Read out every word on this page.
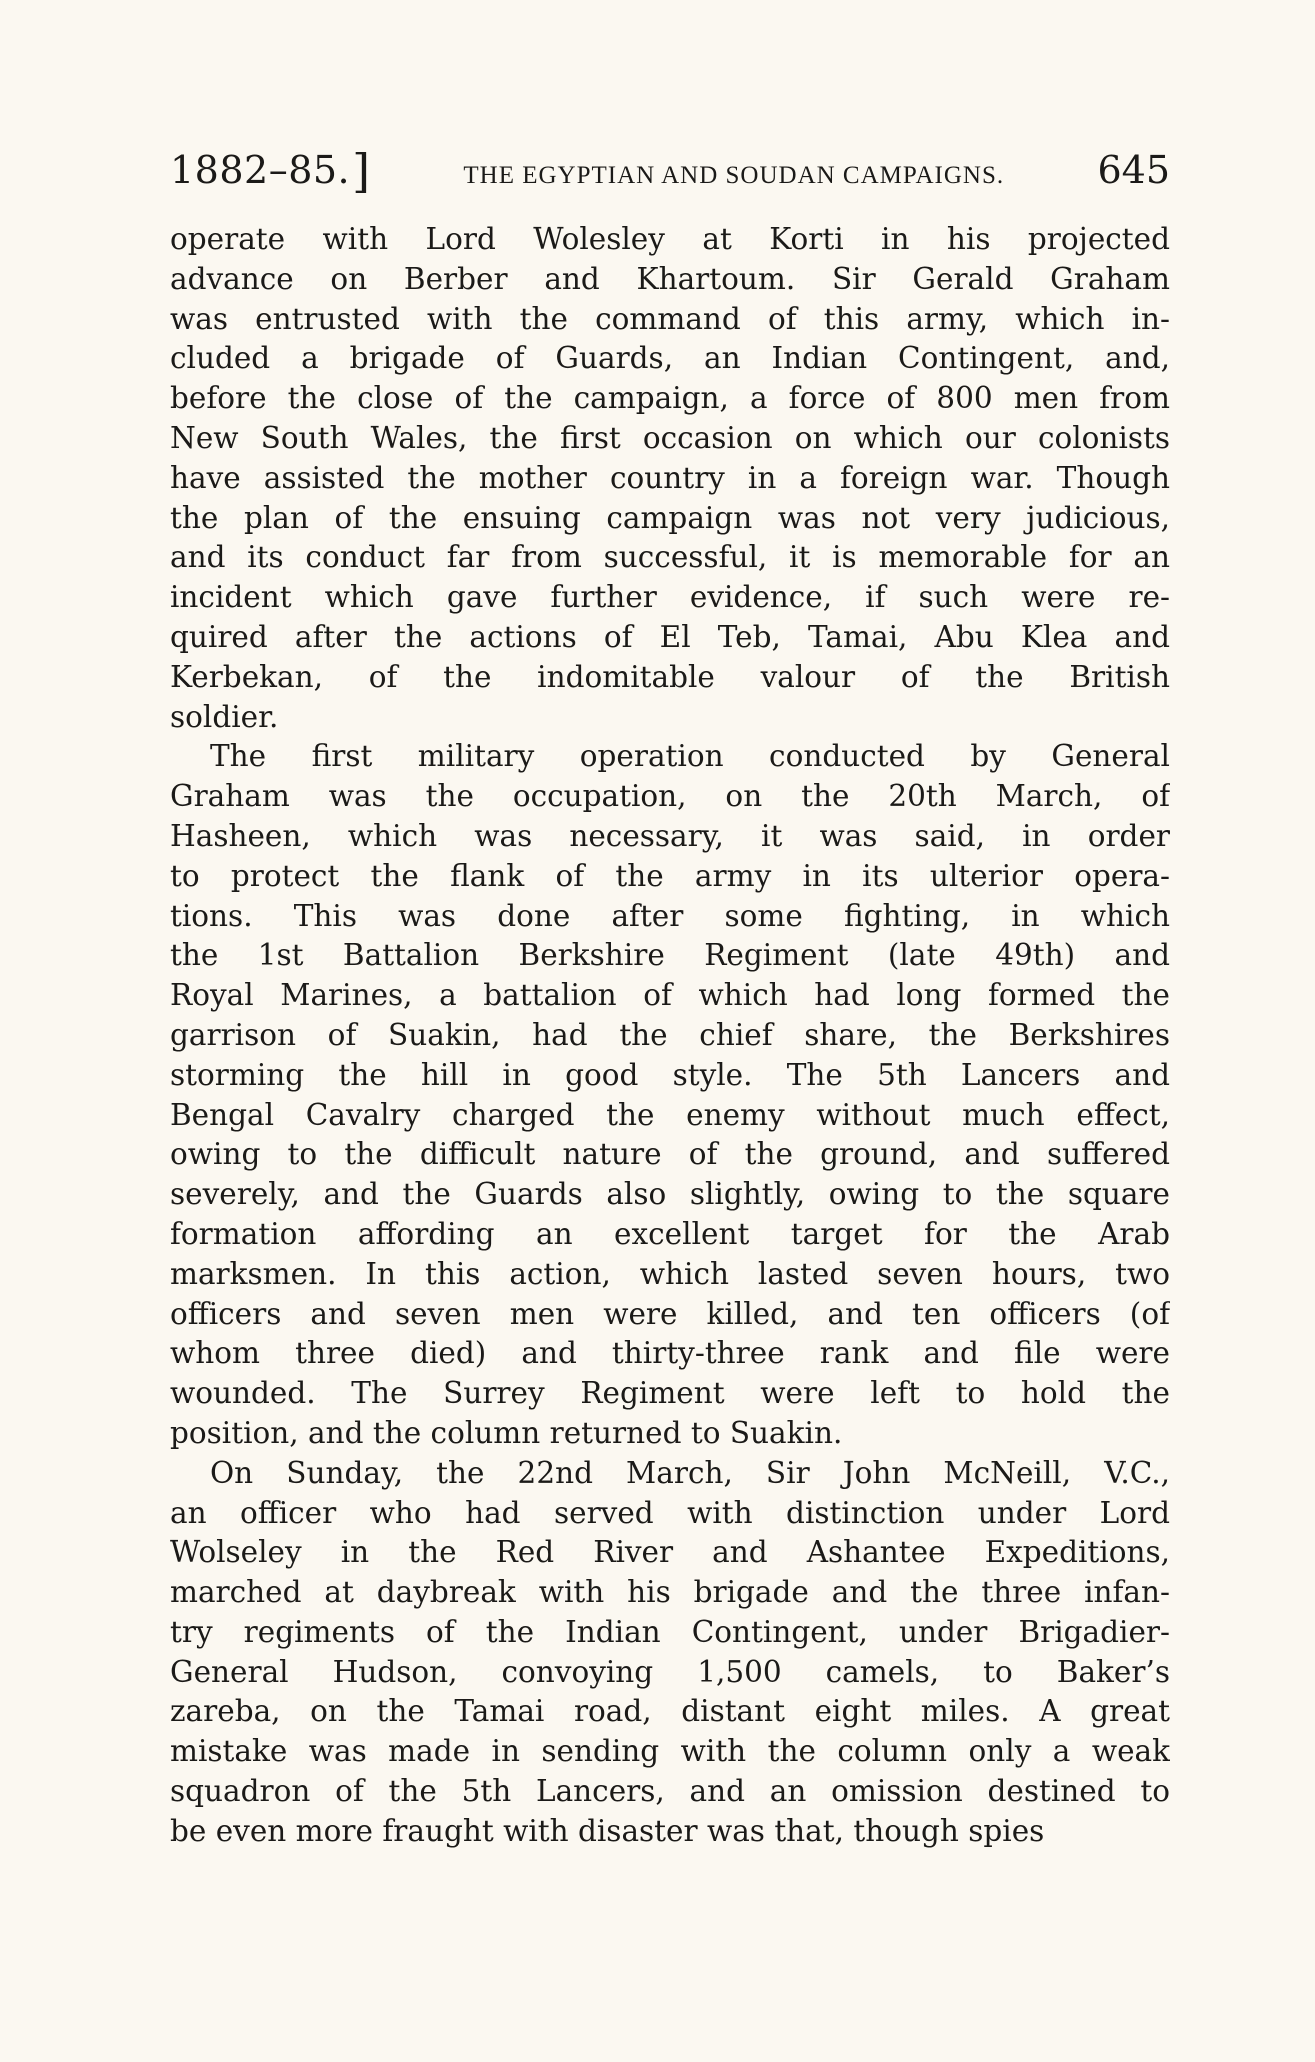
1882–85.]	THE EGYPTIAN AND SOUDAN CAMPAIGNS.	645
operate with Lord Wolesley at Korti in his projected
advance on Berber and Khartoum. Sir Gerald Graham
was entrusted with the command of this army, which in-
cluded a brigade of Guards, an Indian Contingent, and,
before the close of the campaign, a force of 800 men from
New South Wales, the first occasion on which our colonists
have assisted the mother country in a foreign war. Though
the plan of the ensuing campaign was not very judicious,
and its conduct far from successful, it is memorable for an
incident which gave further evidence, if such were re-
quired after the actions of El Teb, Tamai, Abu Klea and
Kerbekan, of the indomitable valour of the British
soldier.
The first military operation conducted by General
Graham was the occupation, on the 20th March, of
Hasheen, which was necessary, it was said, in order
to protect the flank of the army in its ulterior opera-
tions. This was done after some fighting, in which
the 1st Battalion Berkshire Regiment (late 49th) and
Royal Marines, a battalion of which had long formed the
garrison of Suakin, had the chief share, the Berkshires
storming the hill in good style. The 5th Lancers and
Bengal Cavalry charged the enemy without much effect,
owing to the difficult nature of the ground, and suffered
severely, and the Guards also slightly, owing to the square
formation affording an excellent target for the Arab
marksmen. In this action, which lasted seven hours, two
officers and seven men were killed, and ten officers (of
whom three died) and thirty-three rank and file were
wounded. The Surrey Regiment were left to hold the
position, and the column returned to Suakin.
On Sunday, the 22nd March, Sir John McNeill, V.C.,
an officer who had served with distinction under Lord
Wolseley in the Red River and Ashantee Expeditions,
marched at daybreak with his brigade and the three infan-
try regiments of the Indian Contingent, under Brigadier-
General Hudson, convoying 1,500 camels, to Baker’s
zareba, on the Tamai road, distant eight miles. A great
mistake was made in sending with the column only a weak
squadron of the 5th Lancers, and an omission destined to
be even more fraught with disaster was that, though spies
